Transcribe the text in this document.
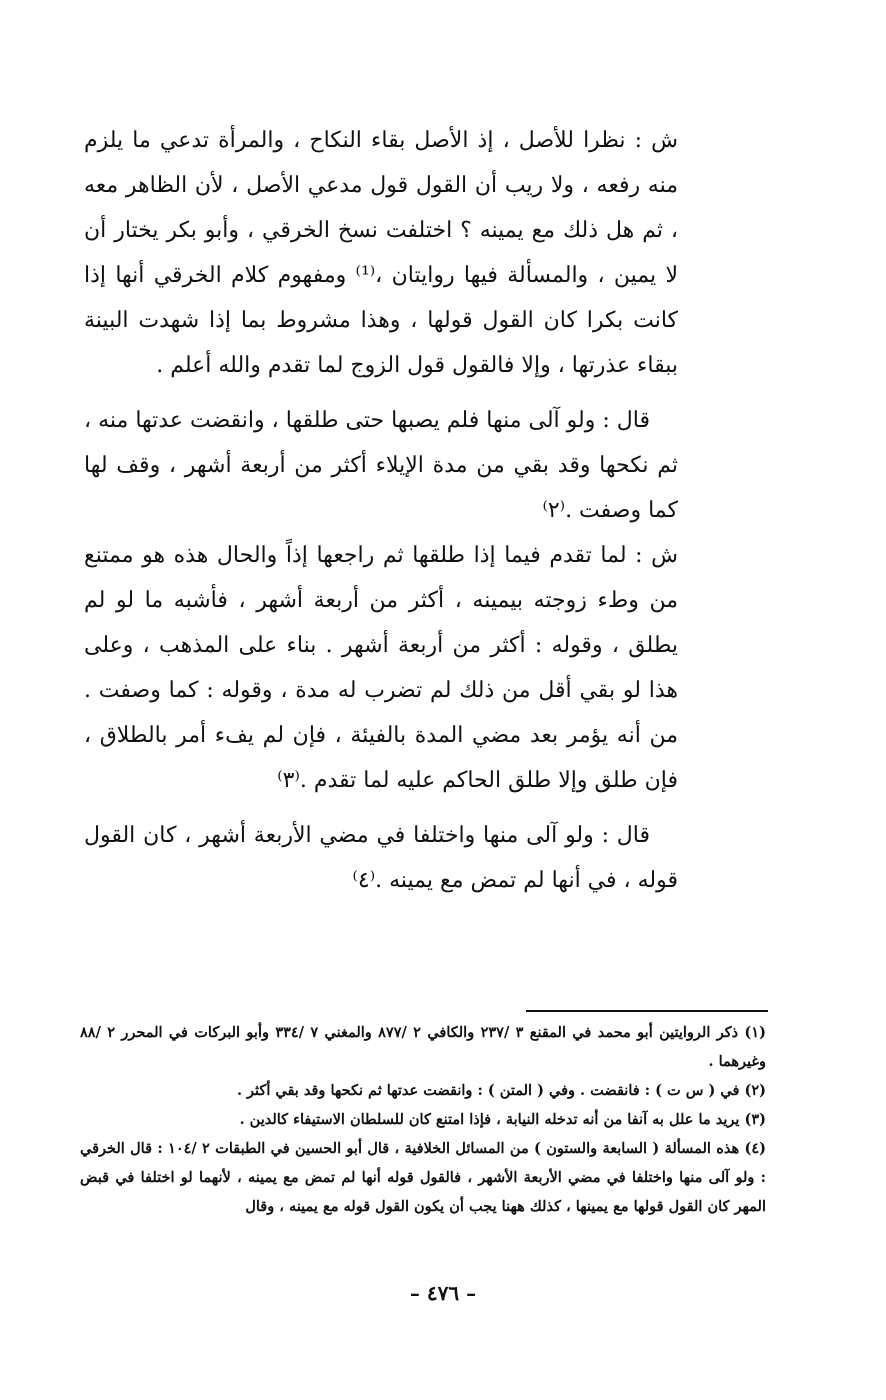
ش : نظرا للأصل ، إذ الأصل بقاء النكاح ، والمرأة تدعي ما يلزم منه رفعه ، ولا ريب أن القول قول مدعي الأصل ، لأن الظاهر معه ، ثم هل ذلك مع يمينه ؟ اختلفت نسخ الخرقي ، وأبو بكر يختار أن لا يمين ، والمسألة فيها روايتان ،⁽¹⁾ ومفهوم كلام الخرقي أنها إذا كانت بكرا كان القول قولها ، وهذا مشروط بما إذا شهدت البينة ببقاء عذرتها ، وإلا فالقول قول الزوج لما تقدم والله أعلم .

قال : ولو آلى منها فلم يصبها حتى طلقها ، وانقضت عدتها منه ، ثم نكحها وقد بقي من مدة الإيلاء أكثر من أربعة أشهر ، وقف لها كما وصفت .⁽٢⁾

ش : لما تقدم فيما إذا طلقها ثم راجعها إذاً والحال هذه هو ممتنع من وطء زوجته بيمينه ، أكثر من أربعة أشهر ، فأشبه ما لو لم يطلق ، وقوله : أكثر من أربعة أشهر . بناء على المذهب ، وعلى هذا لو بقي أقل من ذلك لم تضرب له مدة ، وقوله : كما وصفت . من أنه يؤمر بعد مضي المدة بالفيئة ، فإن لم يفء أمر بالطلاق ، فإن طلق وإلا طلق الحاكم عليه لما تقدم .⁽٣⁾

قال : ولو آلى منها واختلفا في مضي الأربعة أشهر ، كان القول قوله ، في أنها لم تمض مع يمينه .⁽٤⁾

(١) ذكر الروايتين أبو محمد في المقنع ٣ /٢٣٧ والكافي ٢ /٨٧٧ والمغني ٧ /٣٣٤ وأبو البركات في المحرر ٢ /٨٨ وغيرهما .

(٢) في ( س ت ) : فانقضت . وفي ( المتن ) : وانقضت عدتها ثم نكحها وقد بقي أكثر .

(٣) يريد ما علل به آنفا من أنه تدخله النيابة ، فإذا امتنع كان للسلطان الاستيفاء كالدين .

(٤) هذه المسألة ( السابعة والستون ) من المسائل الخلافية ، قال أبو الحسين في الطبقات ٢ /١٠٤ : قال الخرقي : ولو آلى منها واختلفا في مضي الأربعة الأشهر ، فالقول قوله أنها لم تمض مع يمينه ، لأنهما لو اختلفا في قبض المهر كان القول قولها مع يمينها ، كذلك ههنا يجب أن يكون القول قوله مع يمينه ، وقال

– ٤٧٦ –
